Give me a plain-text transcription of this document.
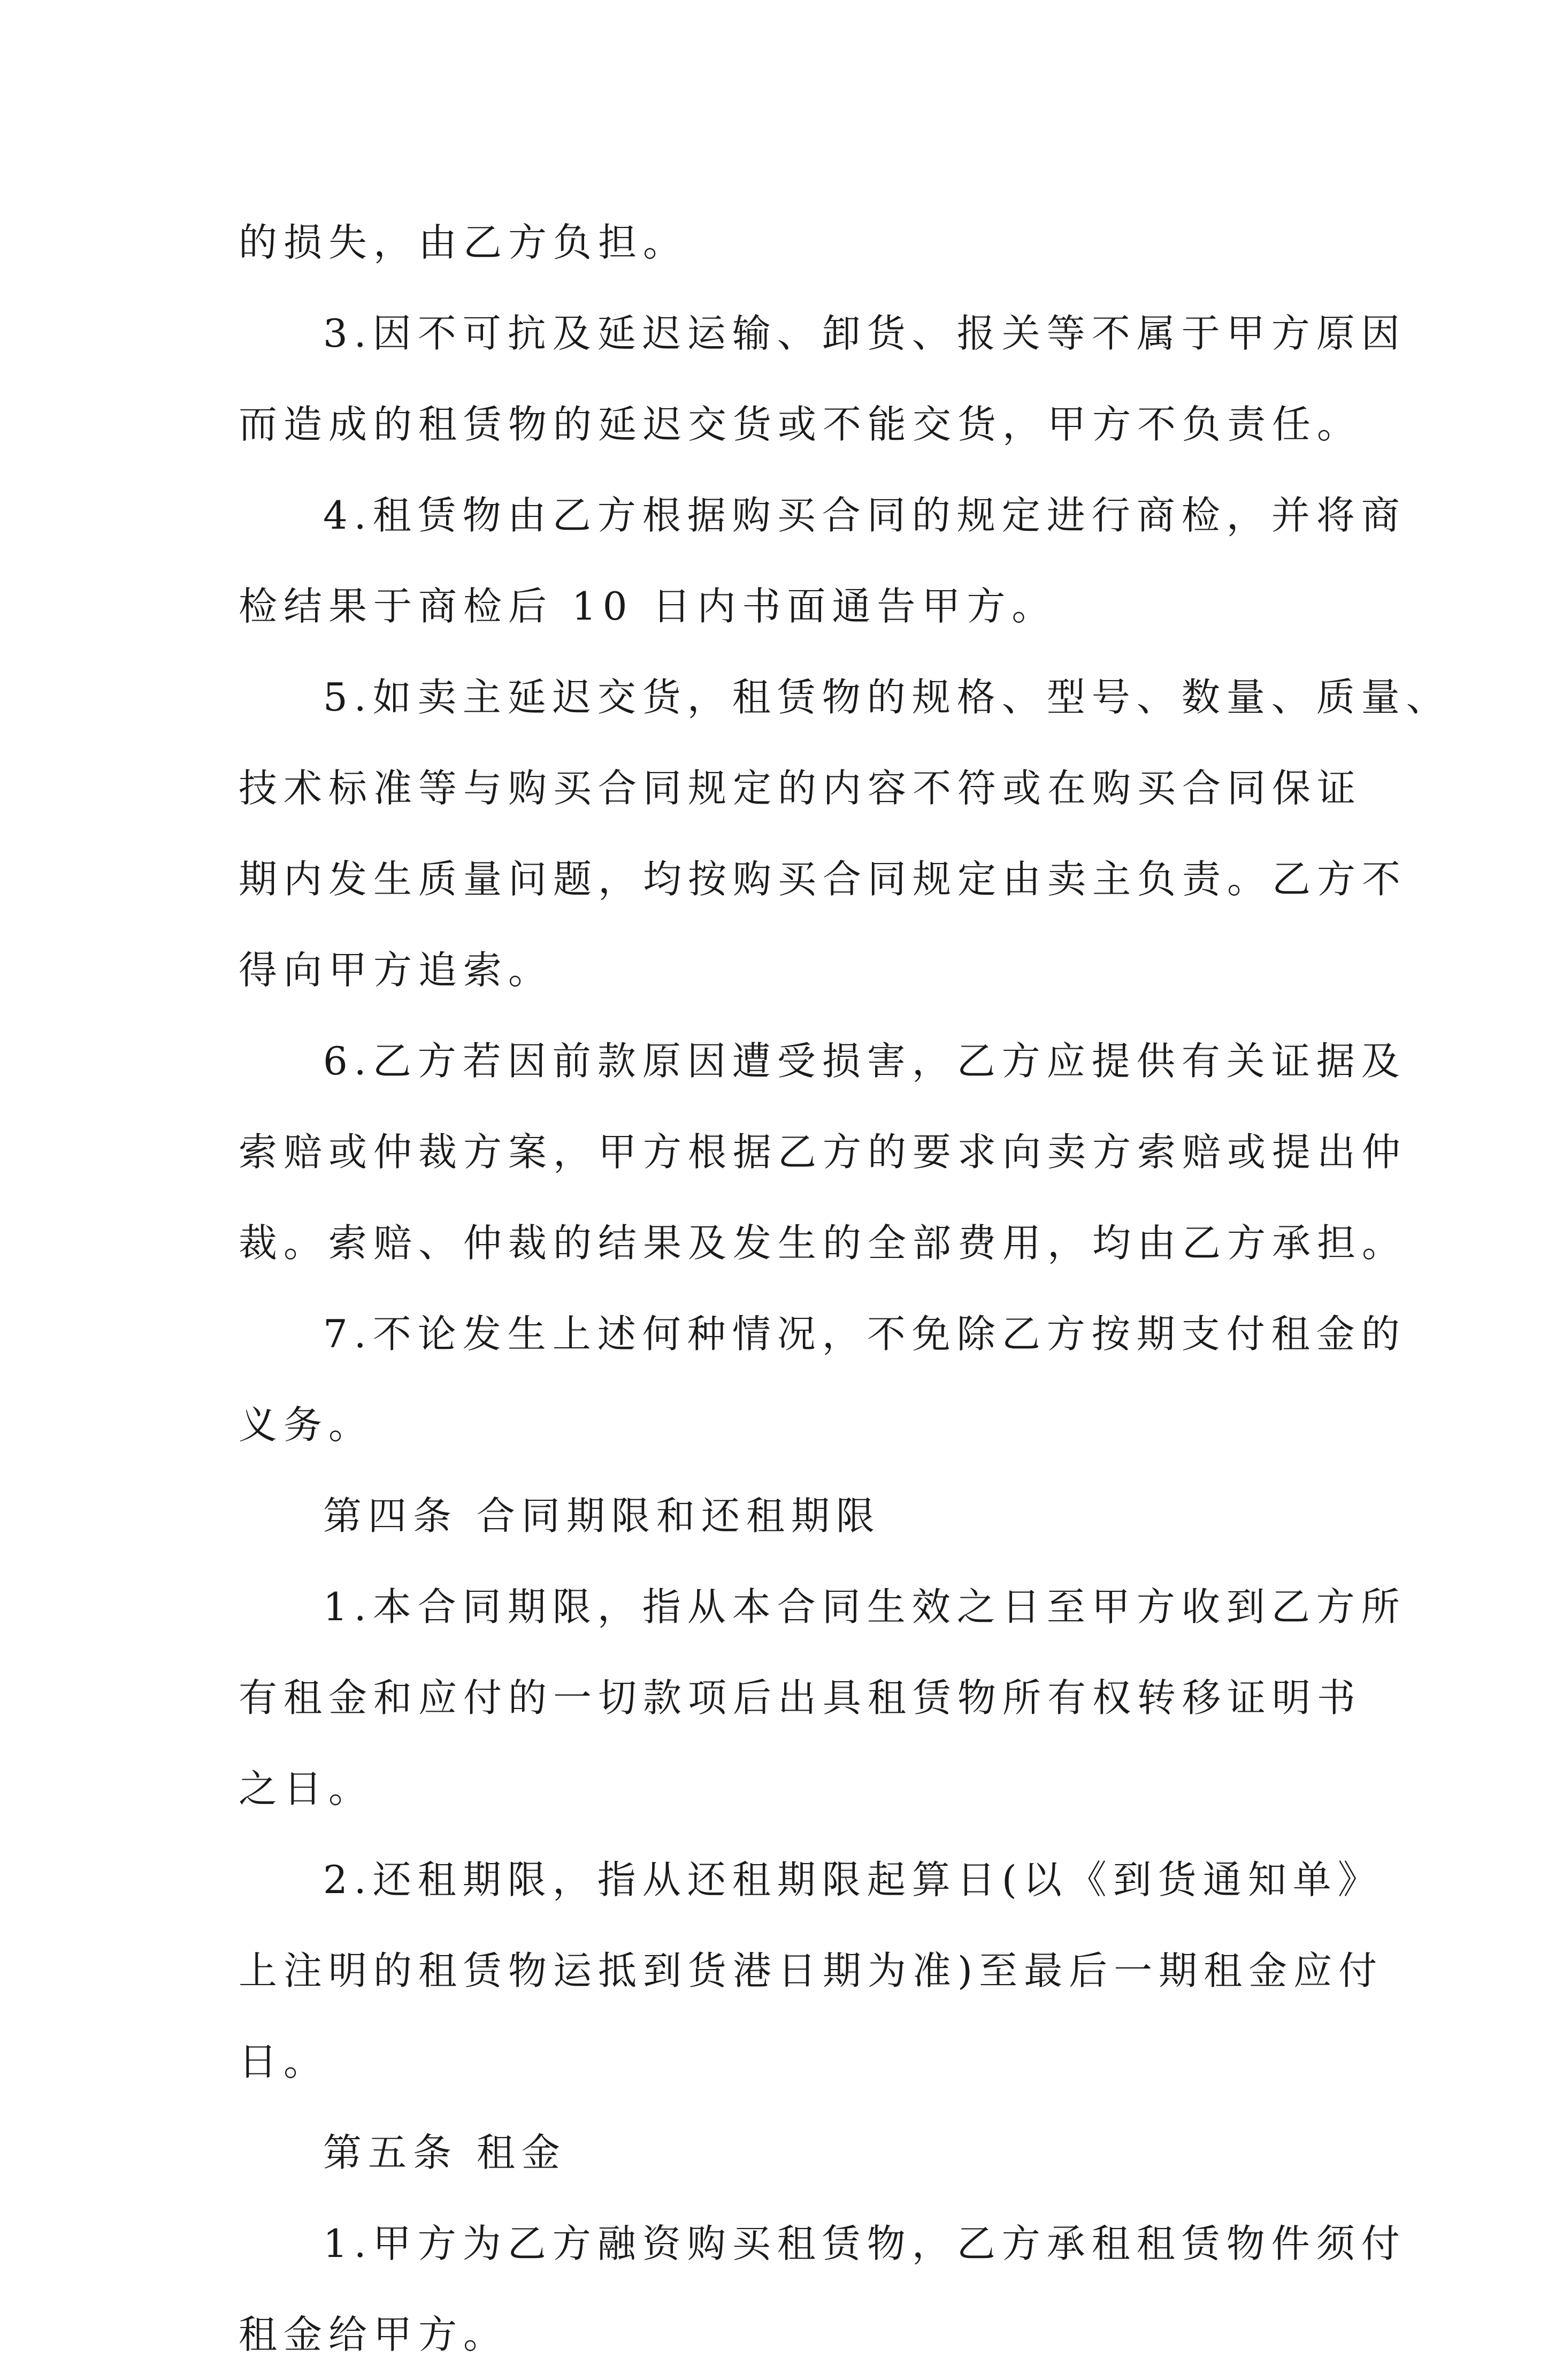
的损失，由乙方负担。
3.因不可抗及延迟运输、卸货、报关等不属于甲方原因
而造成的租赁物的延迟交货或不能交货，甲方不负责任。
4.租赁物由乙方根据购买合同的规定进行商检，并将商
检结果于商检后 10 日内书面通告甲方。
5.如卖主延迟交货，租赁物的规格、型号、数量、质量、
技术标准等与购买合同规定的内容不符或在购买合同保证
期内发生质量问题，均按购买合同规定由卖主负责。乙方不
得向甲方追索。
6.乙方若因前款原因遭受损害，乙方应提供有关证据及
索赔或仲裁方案，甲方根据乙方的要求向卖方索赔或提出仲
裁。索赔、仲裁的结果及发生的全部费用，均由乙方承担。
7.不论发生上述何种情况，不免除乙方按期支付租金的
义务。
第四条 合同期限和还租期限
1.本合同期限，指从本合同生效之日至甲方收到乙方所
有租金和应付的一切款项后出具租赁物所有权转移证明书
之日。
2.还租期限，指从还租期限起算日(以《到货通知单》
上注明的租赁物运抵到货港日期为准)至最后一期租金应付
日。
第五条 租金
1.甲方为乙方融资购买租赁物，乙方承租租赁物件须付
租金给甲方。
